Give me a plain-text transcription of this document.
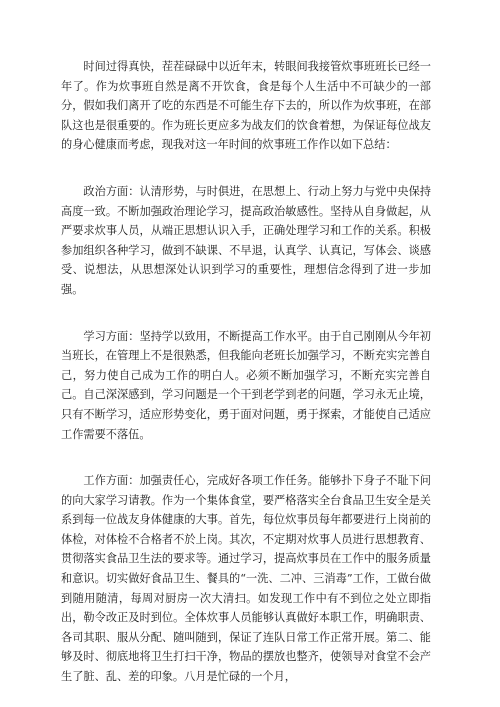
时间过得真快，茬茬碌碌中以近年末，转眼间我接管炊事班班长已经一年了。作为炊事班自然是离不开饮食，食是每个人生活中不可缺少的一部分，假如我们离开了吃的东西是不可能生存下去的，所以作为炊事班，在部队这也是很重要的。作为班长更应多为战友们的饮食着想，为保证每位战友的身心健康而考虑，现我对这一年时间的炊事班工作作以如下总结：

政治方面：认清形势，与时俱进，在思想上、行动上努力与党中央保持高度一致。不断加强政治理论学习，提高政治敏感性。坚持从自身做起，从严要求炊事人员，从端正思想认识入手，正确处理学习和工作的关系。积极参加组织各种学习，做到不缺课、不早退，认真学、认真记，写体会、谈感受、说想法，从思想深处认识到学习的重要性，理想信念得到了进一步加强。

学习方面：坚持学以致用，不断提高工作水平。由于自己刚刚从今年初当班长，在管理上不是很熟悉，但我能向老班长加强学习，不断充实完善自己，努力使自己成为工作的明白人。必须不断加强学习，不断充实完善自己。自己深深感到，学习问题是一个干到老学到老的问题，学习永无止境，只有不断学习，适应形势变化，勇于面对问题，勇于探索，才能使自己适应工作需要不落伍。

工作方面：加强责任心，完成好各项工作任务。能够扑下身子不耻下问的向大家学习请教。作为一个集体食堂，要严格落实全台食品卫生安全是关系到每一位战友身体健康的大事。首先，每位炊事员每年都要进行上岗前的体检，对体检不合格者不於上岗。其次，不定期对炊事人员进行思想教育、贯彻落实食品卫生法的要求等。通过学习，提高炊事员在工作中的服务质量和意识。切实做好食品卫生、餐具的“一洗、二冲、三消毒”工作，工做台做到随用随清，每周对厨房一次大清扫。如发现工作中有不到位之处立即指出，勒令改正及时到位。全体炊事人员能够认真做好本职工作，明确职责、各司其职、服从分配、随叫随到，保证了连队日常工作正常开展。第二、能够及时、彻底地将卫生打扫干净，物品的摆放也整齐，使领导对食堂不会产生了脏、乱、差的印象。八月是忙碌的一个月，
